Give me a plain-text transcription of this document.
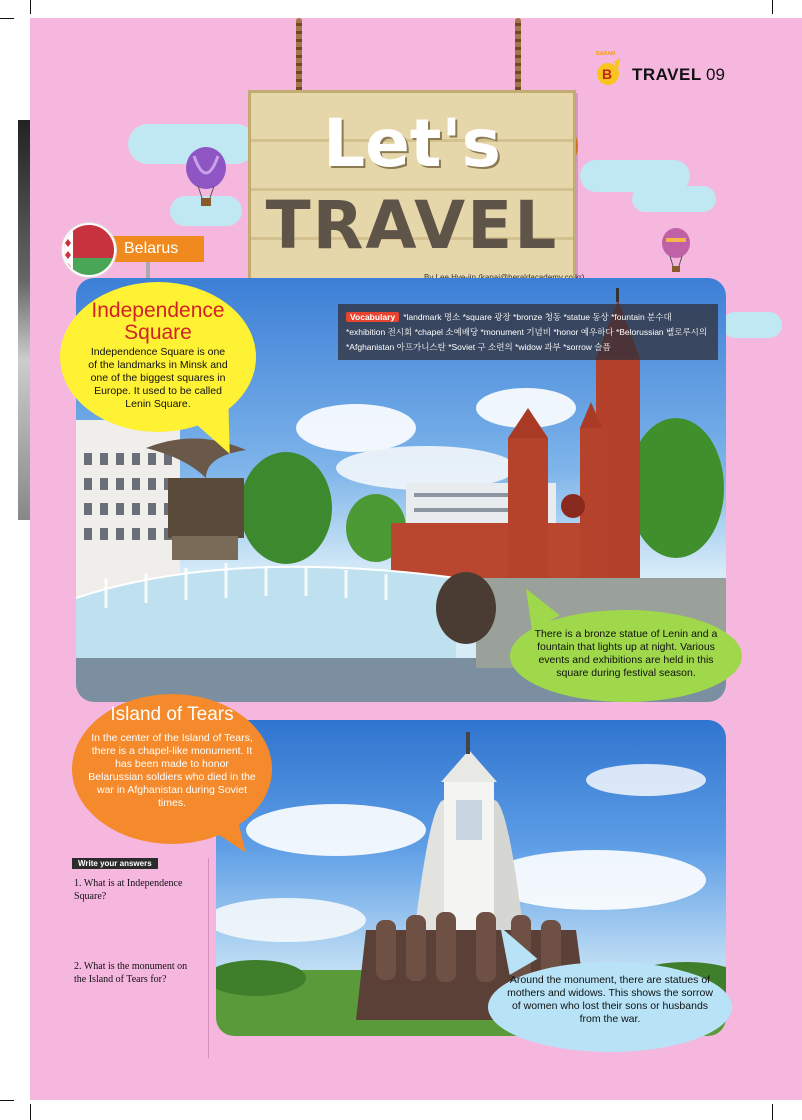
ᴮᴬᴿᴬᴹ
B TRAVEL 09
Let's
TRAVEL
Belarus
Vocabulary *landmark 명소 *square 광장 *bronze 청동 *statue 동상 *fountain 분수대 *exhibition 전시회 *chapel 소예배당 *monument 기념비 *honor 예우하다 *Belorussian 벨로루시의 *Afghanistan 아프가니스탄 *Soviet 구 소련의 *widow 과부 *sorrow 슬픔
Independence Square
Independence Square is one of the landmarks in Minsk and one of the biggest squares in Europe. It used to be called Lenin Square.
There is a bronze statue of Lenin and a fountain that lights up at night. Various events and exhibitions are held in this square during festival season.
Island of Tears
In the center of the Island of Tears, there is a chapel-like monument. It has been made to honor Belarussian soldiers who died in the war in Afghanistan during Soviet times.
Around the monument, there are statues of mothers and widows. This shows the sorrow of women who lost their sons or husbands from the war.
Write your answers
1. What is at Independence Square?
2. What is the monument on the Island of Tears for?
